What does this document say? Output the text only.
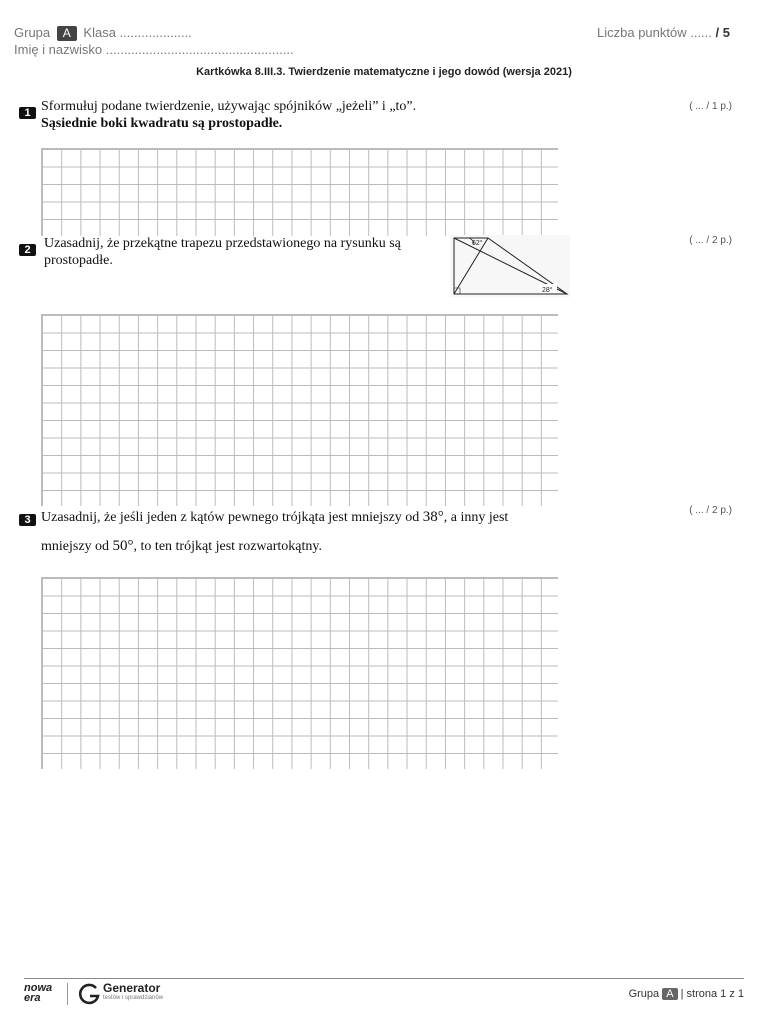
Grupa A Klasa ....................
Imię i nazwisko ....................................................
Liczba punktów ...... / 5
Kartkówka 8.III.3. Twierdzenie matematyczne i jego dowód (wersja 2021)
1 Sformułuj podane twierdzenie, używając spójników „jeżeli” i „to”.
Sąsiednie boki kwadratu są prostopadłe.
( ... / 1 p.)
2 Uzasadnij, że przekątne trapezu przedstawionego na rysunku są
prostopadłe.
( ... / 2 p.)
62°
28°
3 Uzasadnij, że jeśli jeden z kątów pewnego trójkąta jest mniejszy od 38°, a inny jest
mniejszy od 50°, to ten trójkąt jest rozwartokątny.
( ... / 2 p.)
nowa
era
Generator
testów i sprawdzianów	Grupa A | strona 1 z 1
